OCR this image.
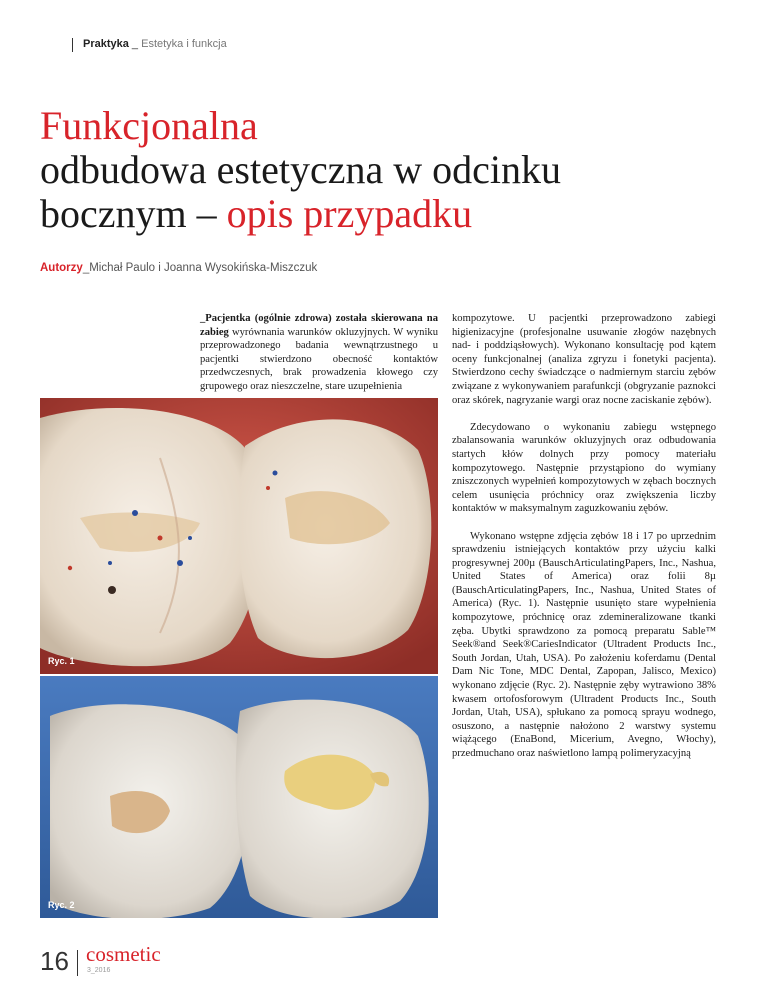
Praktyka _ Estetyka i funkcja
Funkcjonalna
odbudowa estetyczna w odcinku
bocznym – opis przypadku
Autorzy_Michał Paulo i Joanna Wysokińska-Miszczuk

_Pacjentka (ogólnie zdrowa) została skierowana na zabieg wyrównania warunków okluzyjnych. W wyniku przeprowadzonego badania wewnątrzustnego u pacjentki stwierdzono obecność kontaktów przedwczesnych, brak prowadzenia kłowego czy grupowego oraz nieszczelne, stare uzupełnienia

kompozytowe. U pacjentki przeprowadzono zabiegi higienizacyjne (profesjonalne usuwanie złogów nazębnych nad- i poddziąsłowych). Wykonano konsultację pod kątem oceny funkcjonalnej (analiza zgryzu i fonetyki pacjenta). Stwierdzono cechy świadczące o nadmiernym starciu zębów związane z wykonywaniem parafunkcji (obgryzanie paznokci oraz skórek, nagryzanie wargi oraz nocne zaciskanie zębów).

Zdecydowano o wykonaniu zabiegu wstępnego zbalansowania warunków okluzyjnych oraz odbudowania startych kłów dolnych przy pomocy materiału kompozytowego. Następnie przystąpiono do wymiany zniszczonych wypełnień kompozytowych w zębach bocznych celem usunięcia próchnicy oraz zwiększenia liczby kontaktów w maksymalnym zaguzkowaniu zębów.

Wykonano wstępne zdjęcia zębów 18 i 17 po uprzednim sprawdzeniu istniejących kontaktów przy użyciu kalki progresywnej 200µ (BauschArticulatingPapers, Inc., Nashua, United States of America) oraz folii 8µ (BauschArticulatingPapers, Inc., Nashua, United States of America) (Ryc. 1). Następnie usunięto stare wypełnienia kompozytowe, próchnicę oraz zdemineralizowane tkanki zęba. Ubytki sprawdzono za pomocą preparatu Sable™ Seek®and Seek®CariesIndicator (Ultradent Products Inc., South Jordan, Utah, USA). Po założeniu koferdamu (Dental Dam Nic Tone, MDC Dental, Zapopan, Jalisco, Mexico) wykonano zdjęcie (Ryc. 2). Następnie zęby wytrawiono 38% kwasem ortofosforowym (Ultradent Products Inc., South Jordan, Utah, USA), spłukano za pomocą sprayu wodnego, osuszono, a następnie nałożono 2 warstwy systemu wiążącego (EnaBond, Micerium, Avegno, Włochy), przedmuchano oraz naświetlono lampą polimeryzacyjną

Ryc. 1
Ryc. 2
16 cosmetic
3_2016
